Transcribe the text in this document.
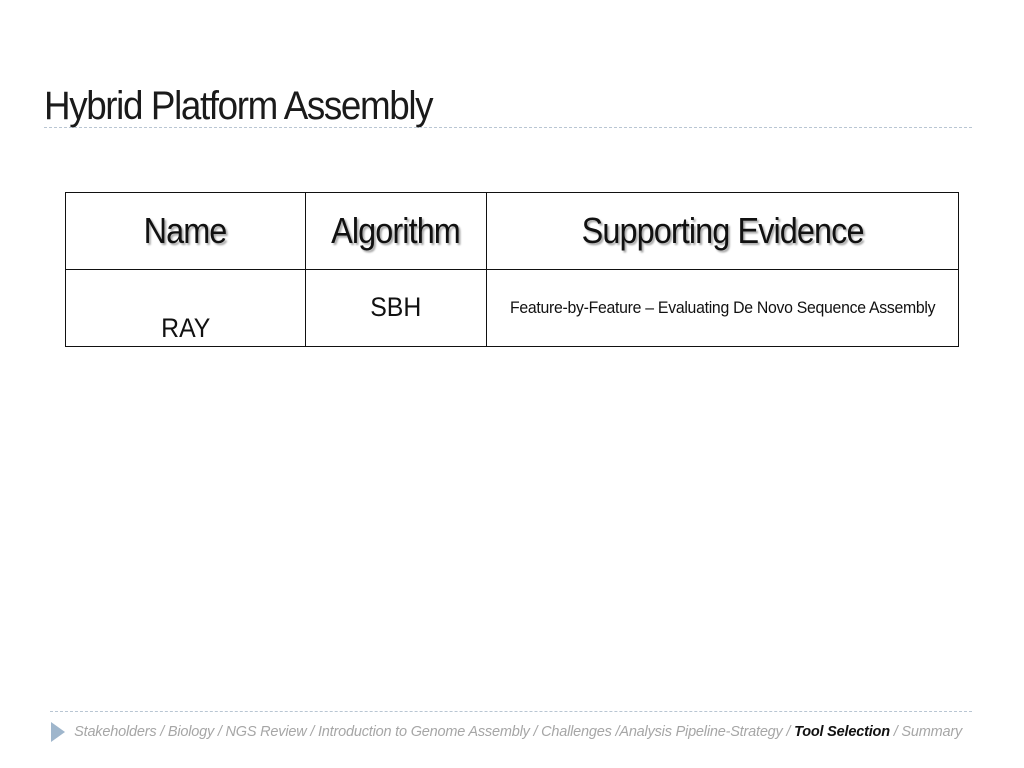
Hybrid Platform Assembly
Name	Algorithm	Supporting Evidence
RAY	SBH	Feature-by-Feature – Evaluating De Novo Sequence Assembly
Stakeholders / Biology / NGS Review / Introduction to Genome Assembly / Challenges /Analysis Pipeline-Strategy / Tool Selection / Summary
